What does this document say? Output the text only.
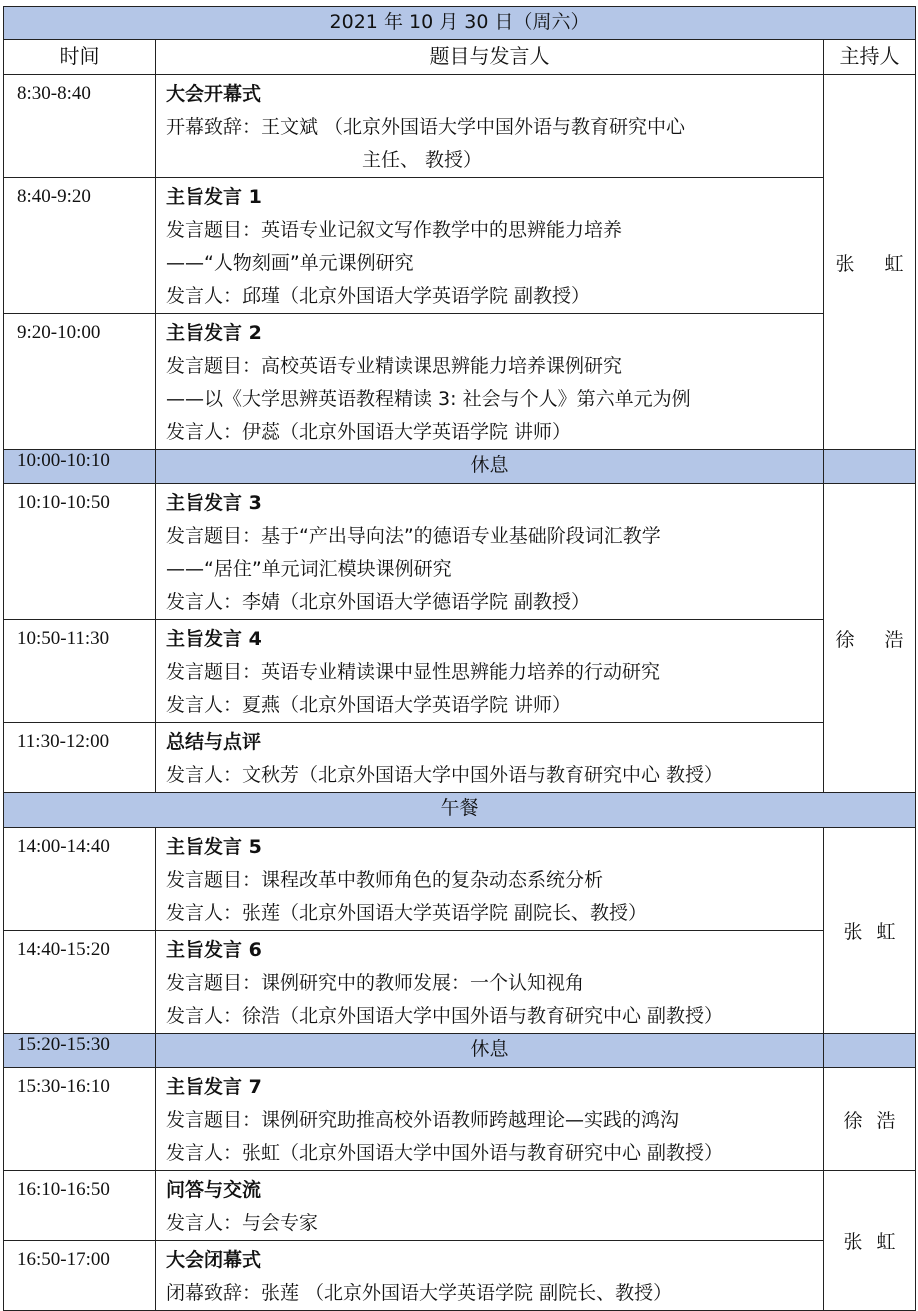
2021 年 10 月 30 日（周六）		
时间	题目与发言人	主持人
8:30-8:40	大会开幕式
开幕致辞：王文斌 （北京外国语大学中国外语与教育研究中心
主任、 教授）	张 虹
8:40-9:20	主旨发言 1
发言题目：英语专业记叙文写作教学中的思辨能力培养
——“人物刻画”单元课例研究
发言人：邱瑾（北京外国语大学英语学院 副教授）	

9:20-10:00	主旨发言 2
发言题目：高校英语专业精读课思辨能力培养课例研究
——以《大学思辨英语教程精读 3: 社会与个人》第六单元为例
发言人：伊蕊（北京外国语大学英语学院 讲师）	

10:00-10:10	休息	
10:10-10:50	主旨发言 3
发言题目：基于“产出导向法”的德语专业基础阶段词汇教学
——“居住”单元词汇模块课例研究
发言人：李婧（北京外国语大学德语学院 副教授）	徐 浩
10:50-11:30	主旨发言 4
发言题目：英语专业精读课中显性思辨能力培养的行动研究
发言人：夏燕（北京外国语大学英语学院 讲师）	

11:30-12:00	总结与点评
发言人：文秋芳（北京外国语大学中国外语与教育研究中心 教授）	

午餐		
14:00-14:40	主旨发言 5
发言题目：课程改革中教师角色的复杂动态系统分析
发言人：张莲（北京外国语大学英语学院 副院长、教授）	张 虹
14:40-15:20	主旨发言 6
发言题目：课例研究中的教师发展：一个认知视角
发言人：徐浩（北京外国语大学中国外语与教育研究中心 副教授）	

15:20-15:30	休息	
15:30-16:10	主旨发言 7
发言题目：课例研究助推高校外语教师跨越理论—实践的鸿沟
发言人：张虹（北京外国语大学中国外语与教育研究中心 副教授）	徐 浩
16:10-16:50	问答与交流
发言人：与会专家	张 虹
16:50-17:00	大会闭幕式
闭幕致辞：张莲 （北京外国语大学英语学院 副院长、教授）	
